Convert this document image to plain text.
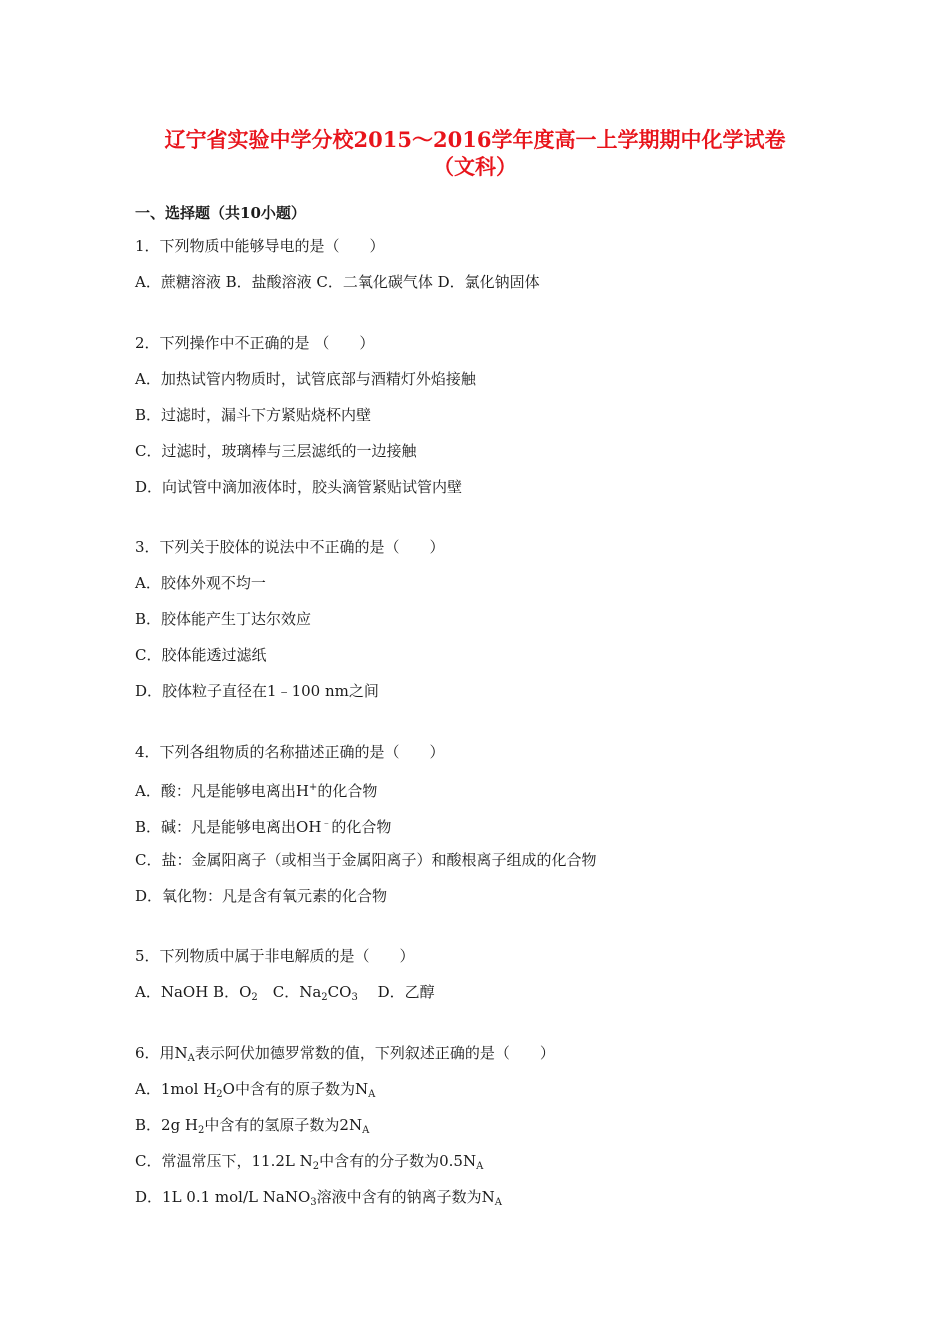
辽宁省实验中学分校2015～2016学年度高一上学期期中化学试卷
（文科）
一、选择题（共10小题）
1．下列物质中能够导电的是（　　）
A．蔗糖溶液 B．盐酸溶液 C．二氧化碳气体 D．氯化钠固体
2．下列操作中不正确的是 （　　）
A．加热试管内物质时，试管底部与酒精灯外焰接触
B．过滤时，漏斗下方紧贴烧杯内壁
C．过滤时，玻璃棒与三层滤纸的一边接触
D．向试管中滴加液体时，胶头滴管紧贴试管内壁
3．下列关于胶体的说法中不正确的是（　　）
A．胶体外观不均一
B．胶体能产生丁达尔效应
C．胶体能透过滤纸
D．胶体粒子直径在1﹣100 nm之间
4．下列各组物质的名称描述正确的是（　　）
A．酸：凡是能够电离出H+的化合物
B．碱：凡是能够电离出OH﹣的化合物
C．盐：金属阳离子（或相当于金属阳离子）和酸根离子组成的化合物
D．氧化物：凡是含有氧元素的化合物
5．下列物质中属于非电解质的是（　　）
A．NaOH B．$O_2$　C．$Na_2CO_3$　 D．乙醇
6．用$N_A$表示阿伏加德罗常数的值，下列叙述正确的是（　　）
A．1mol $H_2O$中含有的原子数为$N_A$
B．2g $H_2$中含有的氢原子数为$2N_A$
C．常温常压下，11.2L $N_2$中含有的分子数为$0.5N_A$
D．1L 0.1 mol/L NaNO$_3$溶液中含有的钠离子数为$N_A$
